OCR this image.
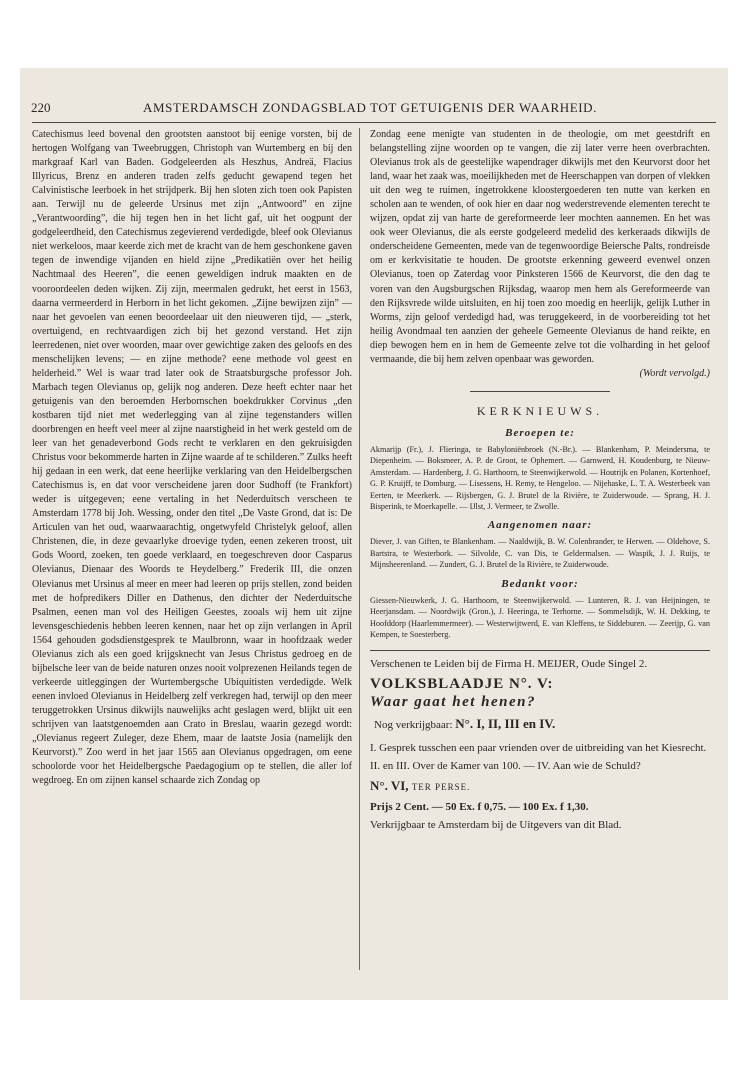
220	AMSTERDAMSCH ZONDAGSBLAD TOT GETUIGENIS DER WAARHEID.

Catechismus leed bovenal den grootsten aanstoot bij eenige vorsten, bij de hertogen Wolfgang van Tweebruggen, Christoph van Wurtemberg en bij den markgraaf Karl van Baden. Godgeleerden als Heszhus, Andreä, Flacius Illyricus, Brenz en anderen traden zelfs geducht gewapend tegen het Calvinistische leerboek in het strijdperk. Bij hen sloten zich toen ook Papisten aan. Terwijl nu de geleerde Ursinus met zijn „Antwoord” en zijne „Verantwoording”, die hij tegen hen in het licht gaf, uit het oogpunt der godgeleerdheid, den Catechismus zegevierend verdedigde, bleef ook Olevianus niet werkeloos, maar keerde zich met de kracht van de hem geschonkene gaven tegen de inwendige vijanden en hield zijne „Predikatiën over het heilig Nachtmaal des Heeren”, die eenen geweldigen indruk maakten en de vooroordeelen deden wijken. Zij zijn, meermalen gedrukt, het eerst in 1563, daarna vermeerderd in Herborn in het licht gekomen. „Zijne bewijzen zijn” — naar het gevoelen van eenen beoordeelaar uit den nieuweren tijd, — „sterk, overtuigend, en rechtvaardigen zich bij het gezond verstand. Het zijn leerredenen, niet over woorden, maar over gewichtige zaken des geloofs en des menschelijken levens; — en zijne methode? eene methode vol geest en helderheid.” Wel is waar trad later ook de Straatsburgsche professor Joh. Marbach tegen Olevianus op, gelijk nog anderen. Deze heeft echter naar het getuigenis van den beroemden Herbornschen boekdrukker Corvinus „den kostbaren tijd niet met wederlegging van al zijne tegenstanders willen doorbrengen en heeft veel meer al zijne naarstigheid in het werk gesteld om de leer van het genadeverbond Gods recht te verklaren en den gekruisigden Christus voor bekommerde harten in Zijne waarde af te schilderen.” Zulks heeft hij gedaan in een werk, dat eene heerlijke verklaring van den Heidelbergschen Catechismus is, en dat voor verscheidene jaren door Sudhoff (te Frankfort) weder is uitgegeven; eene vertaling in het Nederduitsch verscheen te Amsterdam 1778 bij Joh. Wessing, onder den titel „De Vaste Grond, dat is: De Articulen van het oud, waarwaarachtig, ongetwyfeld Christelyk geloof, allen Christenen, die, in deze gevaarlyke droevige tyden, eenen zekeren troost, uit Gods Woord, zoeken, ten goede verklaard, en toegeschreven door Casparus Olevianus, Dienaar des Woords te Heydelberg.” Frederik III, die onzen Olevianus met Ursinus al meer en meer had leeren op prijs stellen, zond beiden met de hofpredikers Diller en Dathenus, den dichter der Nederduitsche Psalmen, eenen man vol des Heiligen Geestes, zooals wij hem uit zijne levensgeschiedenis hebben leeren kennen, naar het op zijn verlangen in April 1564 gehouden godsdienstgesprek te Maulbronn, waar in hoofdzaak weder Olevianus zich als een goed krijgsknecht van Jesus Christus gedroeg en de bijbelsche leer van de beide naturen onzes nooit volprezenen Heilands tegen de verkeerde uitleggingen der Wurtembergsche Ubiquitisten verdedigde. Welk eenen invloed Olevianus in Heidelberg zelf verkregen had, terwijl op den meer teruggetrokken Ursinus dikwijls nauwelijks acht geslagen werd, blijkt uit een schrijven van laatstgenoemden aan Crato in Breslau, waarin gezegd wordt: „Olevianus regeert Zuleger, deze Ehem, maar de laatste Josia (namelijk den Keurvorst).” Zoo werd in het jaar 1565 aan Olevianus opgedragen, om eene schoolorde voor het Heidelbergsche Paedagogium op te stellen, die aller lof wegdroeg. En om zijnen kansel schaarde zich Zondag op

Zondag eene menigte van studenten in de theologie, om met geestdrift en belangstelling zijne woorden op te vangen, die zij later verre heen overbrachten. Olevianus trok als de geestelijke wapendrager dikwijls met den Keurvorst door het land, waar het zaak was, moeilijkheden met de Heerschappen van dorpen of vlekken uit den weg te ruimen, ingetrokkene kloostergoederen ten nutte van kerken en scholen aan te wenden, of ook hier en daar nog wederstrevende elementen terecht te wijzen, opdat zij van harte de gereformeerde leer mochten aannemen. En het was ook weer Olevianus, die als eerste godgeleerd medelid des kerkeraads dikwijls de onderscheidene Gemeenten, mede van de tegenwoordige Beiersche Palts, rondreisde om er kerkvisitatie te houden. De grootste erkenning geweerd evenwel onzen Olevianus, toen op Zaterdag voor Pinksteren 1566 de Keurvorst, die den dag te voren van den Augsburgschen Rijksdag, waarop men hem als Gereformeerde van den Rijksvrede wilde uitsluiten, en hij toen zoo moedig en heerlijk, gelijk Luther in Worms, zijn geloof verdedigd had, was teruggekeerd, in de voorbereiding tot het heilig Avondmaal ten aanzien der geheele Gemeente Olevianus de hand reikte, en diep bewogen hem en in hem de Gemeente zelve tot die volharding in het geloof vermaande, die bij hem zelven openbaar was geworden.

(Wordt vervolgd.)

KERKNIEUWS.
Beroepen te:

Akmarijp (Fr.), J. Flieringa, te Babyloniënbroek (N.-Br.). — Blankenham, P. Meindersma, te Diepenheim. — Boksmeer, A. P. de Groot, te Ophemert. — Garnwerd, H. Koudenburg, te Nieuw-Amsterdam. — Hardenberg, J. G. Harthoorn, te Steenwijkerwold. — Houtrijk en Polanen, Kortenhoef, G. P. Kruijff, te Domburg. — Lisessens, H. Remy, te Hengeloo. — Nijehaske, L. T. A. Westerbeek van Eerten, te Meerkerk. — Rijsbergen, G. J. Brutel de la Rivière, te Zuiderwoude. — Sprang, H. J. Bisperink, te Moerkapelle. — IJlst, J. Vermeer, te Zwolle.

Aangenomen naar:

Diever, J. van Giften, te Blankenham. — Naaldwijk, B. W. Colenbrander, te Herwen. — Oldehove, S. Bartstra, te Westerbork. — Silvolde, C. van Dis, te Geldermalsen. — Waspik, J. J. Ruijs, te Mijnsheerenland. — Zundert, G. J. Brutel de la Rivière, te Zuiderwoude.

Bedankt voor:

Giessen-Nieuwkerk, J. G. Harthoorn, te Steenwijkerwold. — Lunteren, R. J. van Heijningen, te Heerjansdam. — Noordwijk (Gron.), J. Heeringa, te Terhorne. — Sommelsdijk, W. H. Dekking, te Hoofddorp (Haarlemmermeer). — Westerwijtwerd, E. van Kleffens, te Siddeburen. — Zeerijp, G. van Kempen, te Soesterberg.

Verschenen te Leiden bij de Firma H. MEIJER, Oude Singel 2.

VOLKSBLAADJE N°. V:

Waar gaat het henen?

Nog verkrijgbaar: N°. I, II, III en IV.

I. Gesprek tusschen een paar vrienden over de uitbreiding van het Kiesrecht.

II. en III. Over de Kamer van 100. — IV. Aan wie de Schuld?

N°. VI, TER PERSE.

Prijs 2 Cent. — 50 Ex. f 0,75. — 100 Ex. f 1,30.

Verkrijgbaar te Amsterdam bij de Uitgevers van dit Blad.
